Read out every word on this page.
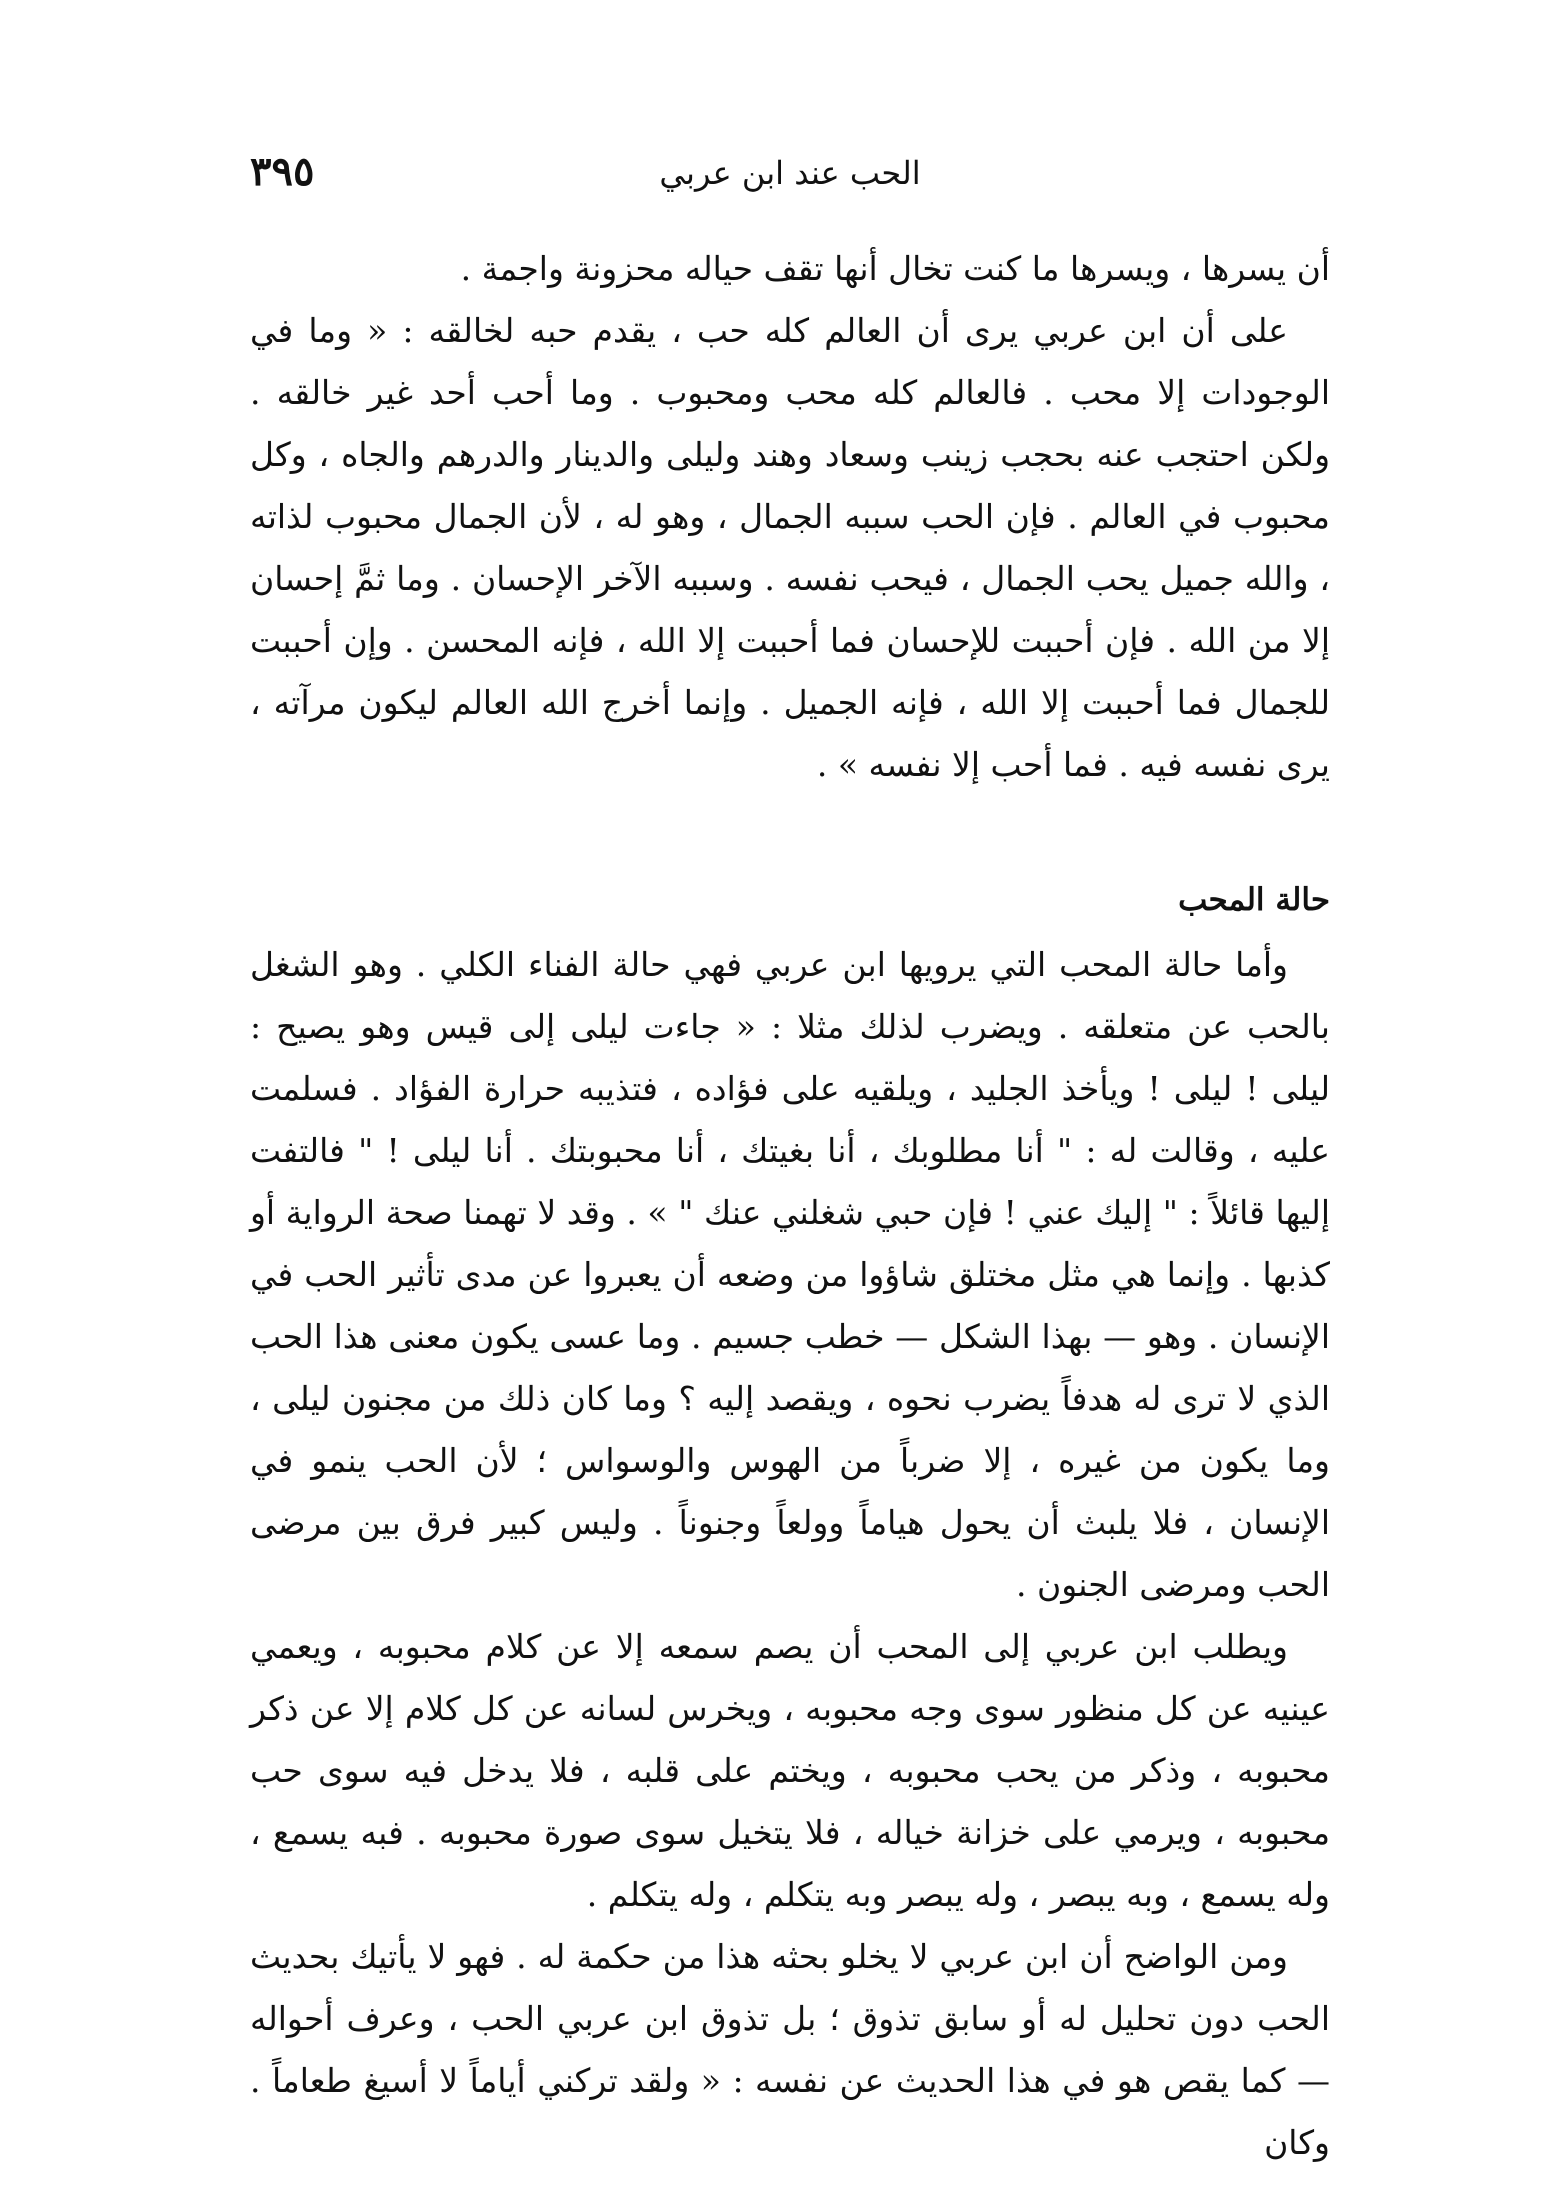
٣٩٥	الحب عند ابن عربي

أن يسرها ، ويسرها ما كنت تخال أنها تقف حياله محزونة واجمة .

على أن ابن عربي يرى أن العالم كله حب ، يقدم حبه لخالقه : « وما في الوجودات إلا محب . فالعالم كله محب ومحبوب . وما أحب أحد غير خالقه . ولكن احتجب عنه بحجب زينب وسعاد وهند وليلى والدينار والدرهم والجاه ، وكل محبوب في العالم . فإن الحب سببه الجمال ، وهو له ، لأن الجمال محبوب لذاته ، والله جميل يحب الجمال ، فيحب نفسه . وسببه الآخر الإحسان . وما ثمَّ إحسان إلا من الله . فإن أحببت للإحسان فما أحببت إلا الله ، فإنه المحسن . وإن أحببت للجمال فما أحببت إلا الله ، فإنه الجميل . وإنما أخرج الله العالم ليكون مرآته ، يرى نفسه فيه . فما أحب إلا نفسه » .

حالة المحب

وأما حالة المحب التي يرويها ابن عربي فهي حالة الفناء الكلي . وهو الشغل بالحب عن متعلقه . ويضرب لذلك مثلا : « جاءت ليلى إلى قيس وهو يصيح : ليلى ! ليلى ! ويأخذ الجليد ، ويلقيه على فؤاده ، فتذيبه حرارة الفؤاد . فسلمت عليه ، وقالت له : " أنا مطلوبك ، أنا بغيتك ، أنا محبوبتك . أنا ليلى ! " فالتفت إليها قائلاً : " إليك عني ! فإن حبي شغلني عنك " » . وقد لا تهمنا صحة الرواية أو كذبها . وإنما هي مثل مختلق شاؤوا من وضعه أن يعبروا عن مدى تأثير الحب في الإنسان . وهو — بهذا الشكل — خطب جسيم . وما عسى يكون معنى هذا الحب الذي لا ترى له هدفاً يضرب نحوه ، ويقصد إليه ؟ وما كان ذلك من مجنون ليلى ، وما يكون من غيره ، إلا ضرباً من الهوس والوسواس ؛ لأن الحب ينمو في الإنسان ، فلا يلبث أن يحول هياماً وولعاً وجنوناً . وليس كبير فرق بين مرضى الحب ومرضى الجنون .

ويطلب ابن عربي إلى المحب أن يصم سمعه إلا عن كلام محبوبه ، ويعمي عينيه عن كل منظور سوى وجه محبوبه ، ويخرس لسانه عن كل كلام إلا عن ذكر محبوبه ، وذكر من يحب محبوبه ، ويختم على قلبه ، فلا يدخل فيه سوى حب محبوبه ، ويرمي على خزانة خياله ، فلا يتخيل سوى صورة محبوبه . فبه يسمع ، وله يسمع ، وبه يبصر ، وله يبصر وبه يتكلم ، وله يتكلم .

ومن الواضح أن ابن عربي لا يخلو بحثه هذا من حكمة له . فهو لا يأتيك بحديث الحب دون تحليل له أو سابق تذوق ؛ بل تذوق ابن عربي الحب ، وعرف أحواله — كما يقص هو في هذا الحديث عن نفسه : « ولقد تركني أياماً لا أسيغ طعاماً . وكان
